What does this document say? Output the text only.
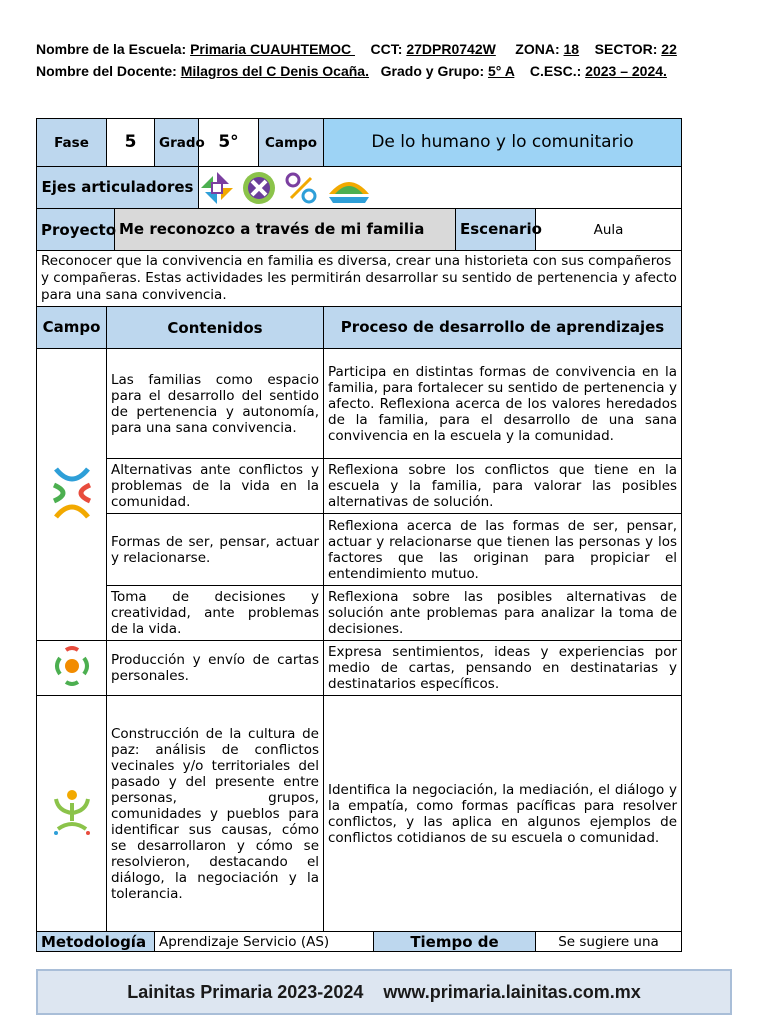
Nombre de la Escuela: Primaria CUAUHTEMOC     CCT: 27DPR0742W ZONA: 18 SECTOR: 22 Nombre del Docente: Milagros del C Denis Ocaña. Grado y Grupo: 5° A C.ESC.: 2023 – 2024.
Fase	5		Grado	5°	Campo	De lo humano y lo comunitario			
Ejes articuladores	

Proyecto		Me reconozco a través de mi familia						Escenario	Aula
Reconocer que la convivencia en familia es diversa, crear una historieta con sus compañeros y compañeras. Estas actividades les permitirán desarrollar su sentido de pertenencia y afecto para una sana convivencia.									
Campo	Contenidos					Proceso de desarrollo de aprendizajes			
	Las familias como espacio para el desarrollo del sentido de pertenencia y autonomía, para una sana convivencia.					Participa en distintas formas de convivencia en la familia, para fortalecer su sentido de pertenencia y afecto. Reflexiona acerca de los valores heredados de la familia, para el desarrollo de una sana convivencia en la escuela y la comunidad.			
	Alternativas ante conflictos y problemas de la vida en la comunidad.					Reflexiona sobre los conflictos que tiene en la escuela y la familia, para valorar las posibles alternativas de solución.			
	Formas de ser, pensar, actuar y relacionarse.					Reflexiona acerca de las formas de ser, pensar, actuar y relacionarse que tienen las personas y los factores que las originan para propiciar el entendimiento mutuo.			
	Toma de decisiones y creatividad, ante problemas de la vida.					Reflexiona sobre las posibles alternativas de solución ante problemas para analizar la toma de decisiones.			
	Producción y envío de cartas personales.					Expresa sentimientos, ideas y experiencias por medio de cartas, pensando en destinatarias y destinatarios específicos.			
	Construcción de la cultura de paz: análisis de conflictos vecinales y/o territoriales del pasado y del presente entre personas, grupos, comunidades y pueblos para identificar sus causas, cómo se desarrollaron y cómo se resolvieron, destacando el diálogo, la negociación y la tolerancia.					Identifica la negociación, la mediación, el diálogo y la empatía, como formas pacíficas para resolver conflictos, y las aplica en algunos ejemplos de conflictos cotidianos de su escuela o comunidad.			
Metodología			Aprendizaje Servicio (AS)				Tiempo de		Se sugiere una
Lainitas Primaria 2023-2024 www.primaria.lainitas.com.mx
